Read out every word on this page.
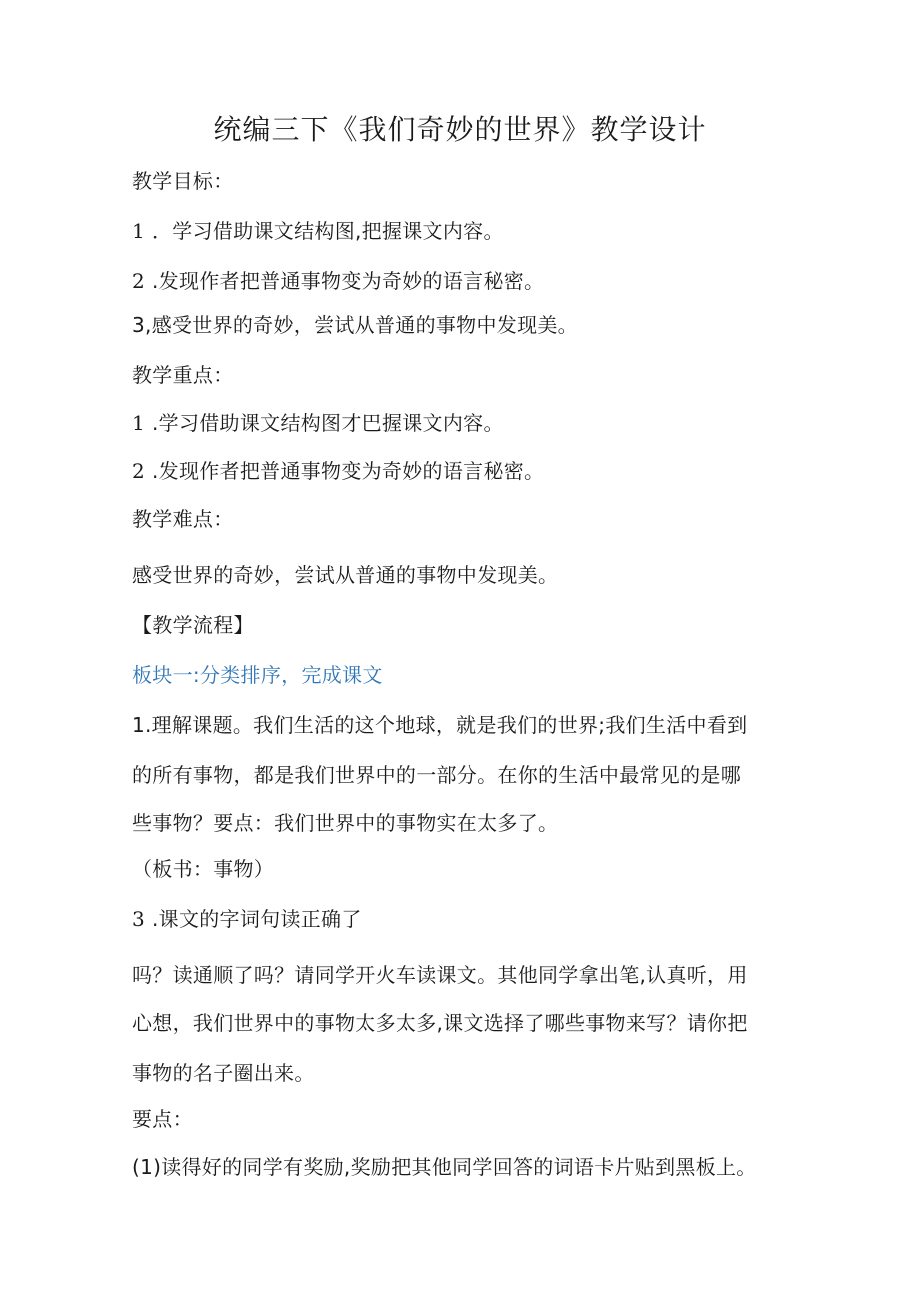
统编三下《我们奇妙的世界》教学设计
教学目标：
1 ．学习借助课文结构图,把握课文内容。
2 .发现作者把普通事物变为奇妙的语言秘密。
3,感受世界的奇妙，尝试从普通的事物中发现美。
教学重点：
1 .学习借助课文结构图才巴握课文内容。
2 .发现作者把普通事物变为奇妙的语言秘密。
教学难点：
感受世界的奇妙，尝试从普通的事物中发现美。
【教学流程】
板块一:分类排序，完成课文
1.理解课题。我们生活的这个地球，就是我们的世界;我们生活中看到
的所有事物，都是我们世界中的一部分。在你的生活中最常见的是哪
些事物？要点：我们世界中的事物实在太多了。
（板书：事物）
3 .课文的字词句读正确了
吗？读通顺了吗？请同学开火车读课文。其他同学拿出笔,认真听，用
心想，我们世界中的事物太多太多,课文选择了哪些事物来写？请你把
事物的名子圈出来。
要点：
(1)读得好的同学有奖励,奖励把其他同学回答的词语卡片贴到黑板上。
